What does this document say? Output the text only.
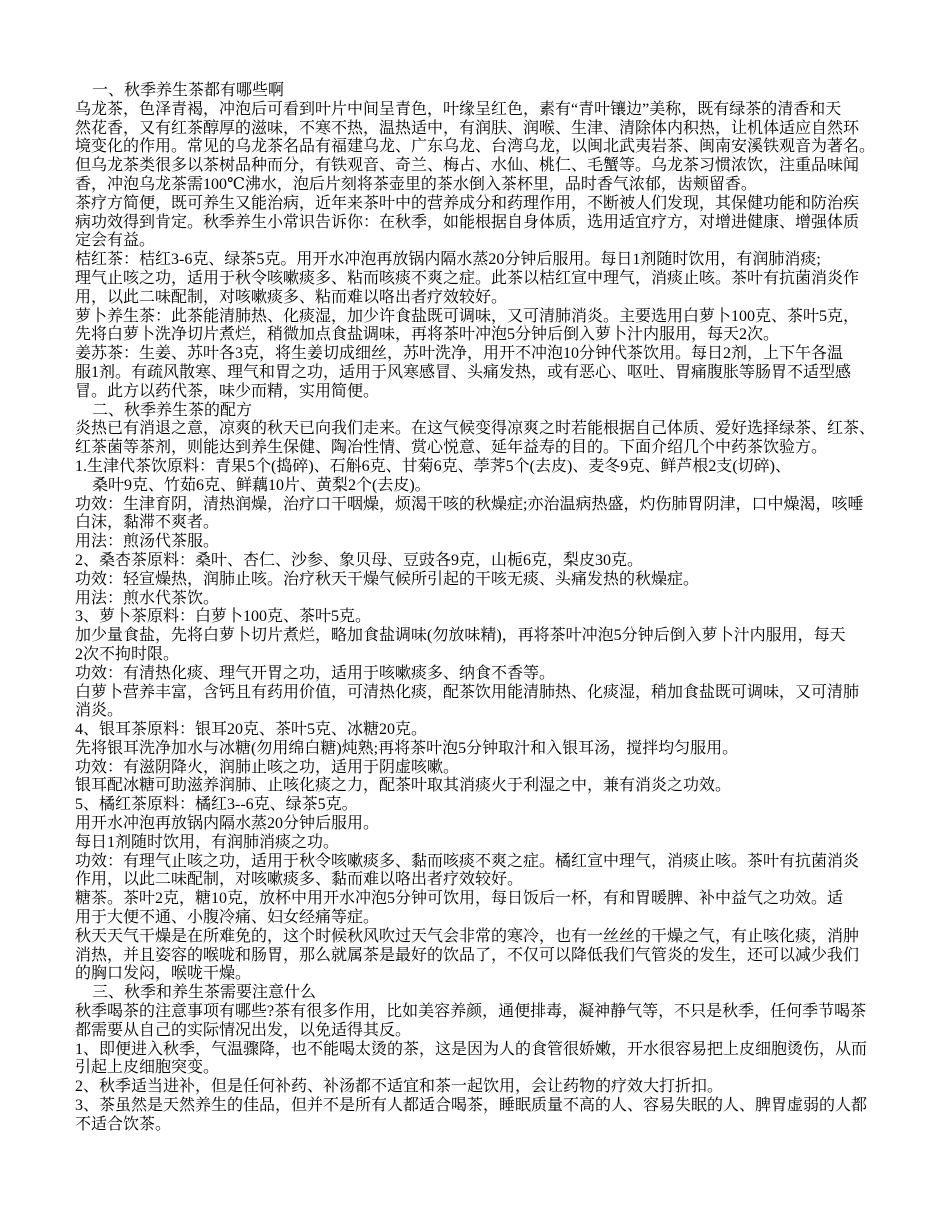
一、秋季养生茶都有哪些啊
乌龙茶，色泽青褐，冲泡后可看到叶片中间呈青色，叶缘呈红色，素有“青叶镶边”美称，既有绿茶的清香和天
然花香，又有红茶醇厚的滋味，不寒不热，温热适中，有润肤、润喉、生津、清除体内积热，让机体适应自然环
境变化的作用。常见的乌龙茶名品有福建乌龙、广东乌龙、台湾乌龙，以闽北武夷岩茶、闽南安溪铁观音为著名。
但乌龙茶类很多以茶树品种而分，有铁观音、奇兰、梅占、水仙、桃仁、毛蟹等。乌龙茶习惯浓饮，注重品味闻
香，冲泡乌龙茶需100℃沸水，泡后片刻将茶壶里的茶水倒入茶杯里，品时香气浓郁，齿颊留香。
茶疗方简便，既可养生又能治病，近年来茶叶中的营养成分和药理作用，不断被人们发现，其保健功能和防治疾
病功效得到肯定。秋季养生小常识告诉你：在秋季，如能根据自身体质，选用适宜疗方，对增进健康、增强体质
定会有益。
桔红茶：桔红3-6克、绿茶5克。用开水冲泡再放锅内隔水蒸20分钟后服用。每日1剂随时饮用，有润肺消痰;
理气止咳之功，适用于秋令咳嗽痰多、粘而咳痰不爽之症。此茶以桔红宣中理气，消痰止咳。茶叶有抗菌消炎作
用，以此二味配制，对咳嗽痰多、粘而难以咯出者疗效较好。
萝卜养生茶：此茶能清肺热、化痰湿，加少许食盐既可调味，又可清肺消炎。主要选用白萝卜100克、茶叶5克，
先将白萝卜洗净切片煮烂，稍微加点食盐调味，再将茶叶冲泡5分钟后倒入萝卜汁内服用，每天2次。
姜苏茶：生姜、苏叶各3克，将生姜切成细丝，苏叶洗净，用开不冲泡10分钟代茶饮用。每日2剂，上下午各温
服1剂。有疏风散寒、理气和胃之功，适用于风寒感冒、头痛发热，或有恶心、呕吐、胃痛腹胀等肠胃不适型感
冒。此方以药代茶，味少而精，实用简便。
二、秋季养生茶的配方
炎热已有消退之意，凉爽的秋天已向我们走来。在这气候变得凉爽之时若能根据自己体质、爱好选择绿茶、红茶、
红茶菌等茶剂，则能达到养生保健、陶冶性情、赏心悦意、延年益寿的目的。下面介绍几个中药茶饮验方。
1.生津代茶饮原料：青果5个(捣碎)、石斛6克、甘菊6克、荸荠5个(去皮)、麦冬9克、鲜芦根2支(切碎)、
桑叶9克、竹茹6克、鲜藕10片、黄梨2个(去皮)。
功效：生津育阴，清热润燥，治疗口干咽燥，烦渴干咳的秋燥症;亦治温病热盛，灼伤肺胃阴津，口中燥渴，咳唾
白沫，黏滞不爽者。
用法：煎汤代茶服。
2、桑杏茶原料：桑叶、杏仁、沙参、象贝母、豆豉各9克，山栀6克，梨皮30克。
功效：轻宣燥热，润肺止咳。治疗秋天干燥气候所引起的干咳无痰、头痛发热的秋燥症。
用法：煎水代茶饮。
3、萝卜茶原料：白萝卜100克、茶叶5克。
加少量食盐，先将白萝卜切片煮烂，略加食盐调味(勿放味精)，再将茶叶冲泡5分钟后倒入萝卜汁内服用，每天
2次不拘时限。
功效：有清热化痰、理气开胃之功，适用于咳嗽痰多、纳食不香等。
白萝卜营养丰富，含钙且有药用价值，可清热化痰，配茶饮用能清肺热、化痰湿，稍加食盐既可调味，又可清肺
消炎。
4、银耳茶原料：银耳20克、茶叶5克、冰糖20克。
先将银耳洗净加水与冰糖(勿用绵白糖)炖熟;再将茶叶泡5分钟取汁和入银耳汤，搅拌均匀服用。
功效：有滋阴降火，润肺止咳之功，适用于阴虚咳嗽。
银耳配冰糖可助滋养润肺、止咳化痰之力，配茶叶取其消痰火于利湿之中，兼有消炎之功效。
5、橘红茶原料：橘红3--6克、绿茶5克。
用开水冲泡再放锅内隔水蒸20分钟后服用。
每日1剂随时饮用，有润肺消痰之功。
功效：有理气止咳之功，适用于秋令咳嗽痰多、黏而咳痰不爽之症。橘红宣中理气，消痰止咳。茶叶有抗菌消炎
作用，以此二味配制，对咳嗽痰多、黏而难以咯出者疗效较好。
糖茶。茶叶2克，糖10克，放杯中用开水冲泡5分钟可饮用，每日饭后一杯，有和胃暖脾、补中益气之功效。适
用于大便不通、小腹冷痛、妇女经痛等症。
秋天天气干燥是在所难免的，这个时候秋风吹过天气会非常的寒冷，也有一丝丝的干燥之气，有止咳化痰，消肿
消热，并且姿容的喉咙和肠胃，那么就属茶是最好的饮品了，不仅可以降低我们气管炎的发生，还可以减少我们
的胸口发闷，喉咙干燥。
三、秋季和养生茶需要注意什么
秋季喝茶的注意事项有哪些?茶有很多作用，比如美容养颜，通便排毒，凝神静气等，不只是秋季，任何季节喝茶
都需要从自己的实际情况出发，以免适得其反。
1、即便进入秋季，气温骤降，也不能喝太烫的茶，这是因为人的食管很娇嫩，开水很容易把上皮细胞烫伤，从而
引起上皮细胞突变。
2、秋季适当进补，但是任何补药、补汤都不适宜和茶一起饮用，会让药物的疗效大打折扣。
3、茶虽然是天然养生的佳品，但并不是所有人都适合喝茶，睡眠质量不高的人、容易失眠的人、脾胃虚弱的人都
不适合饮茶。
